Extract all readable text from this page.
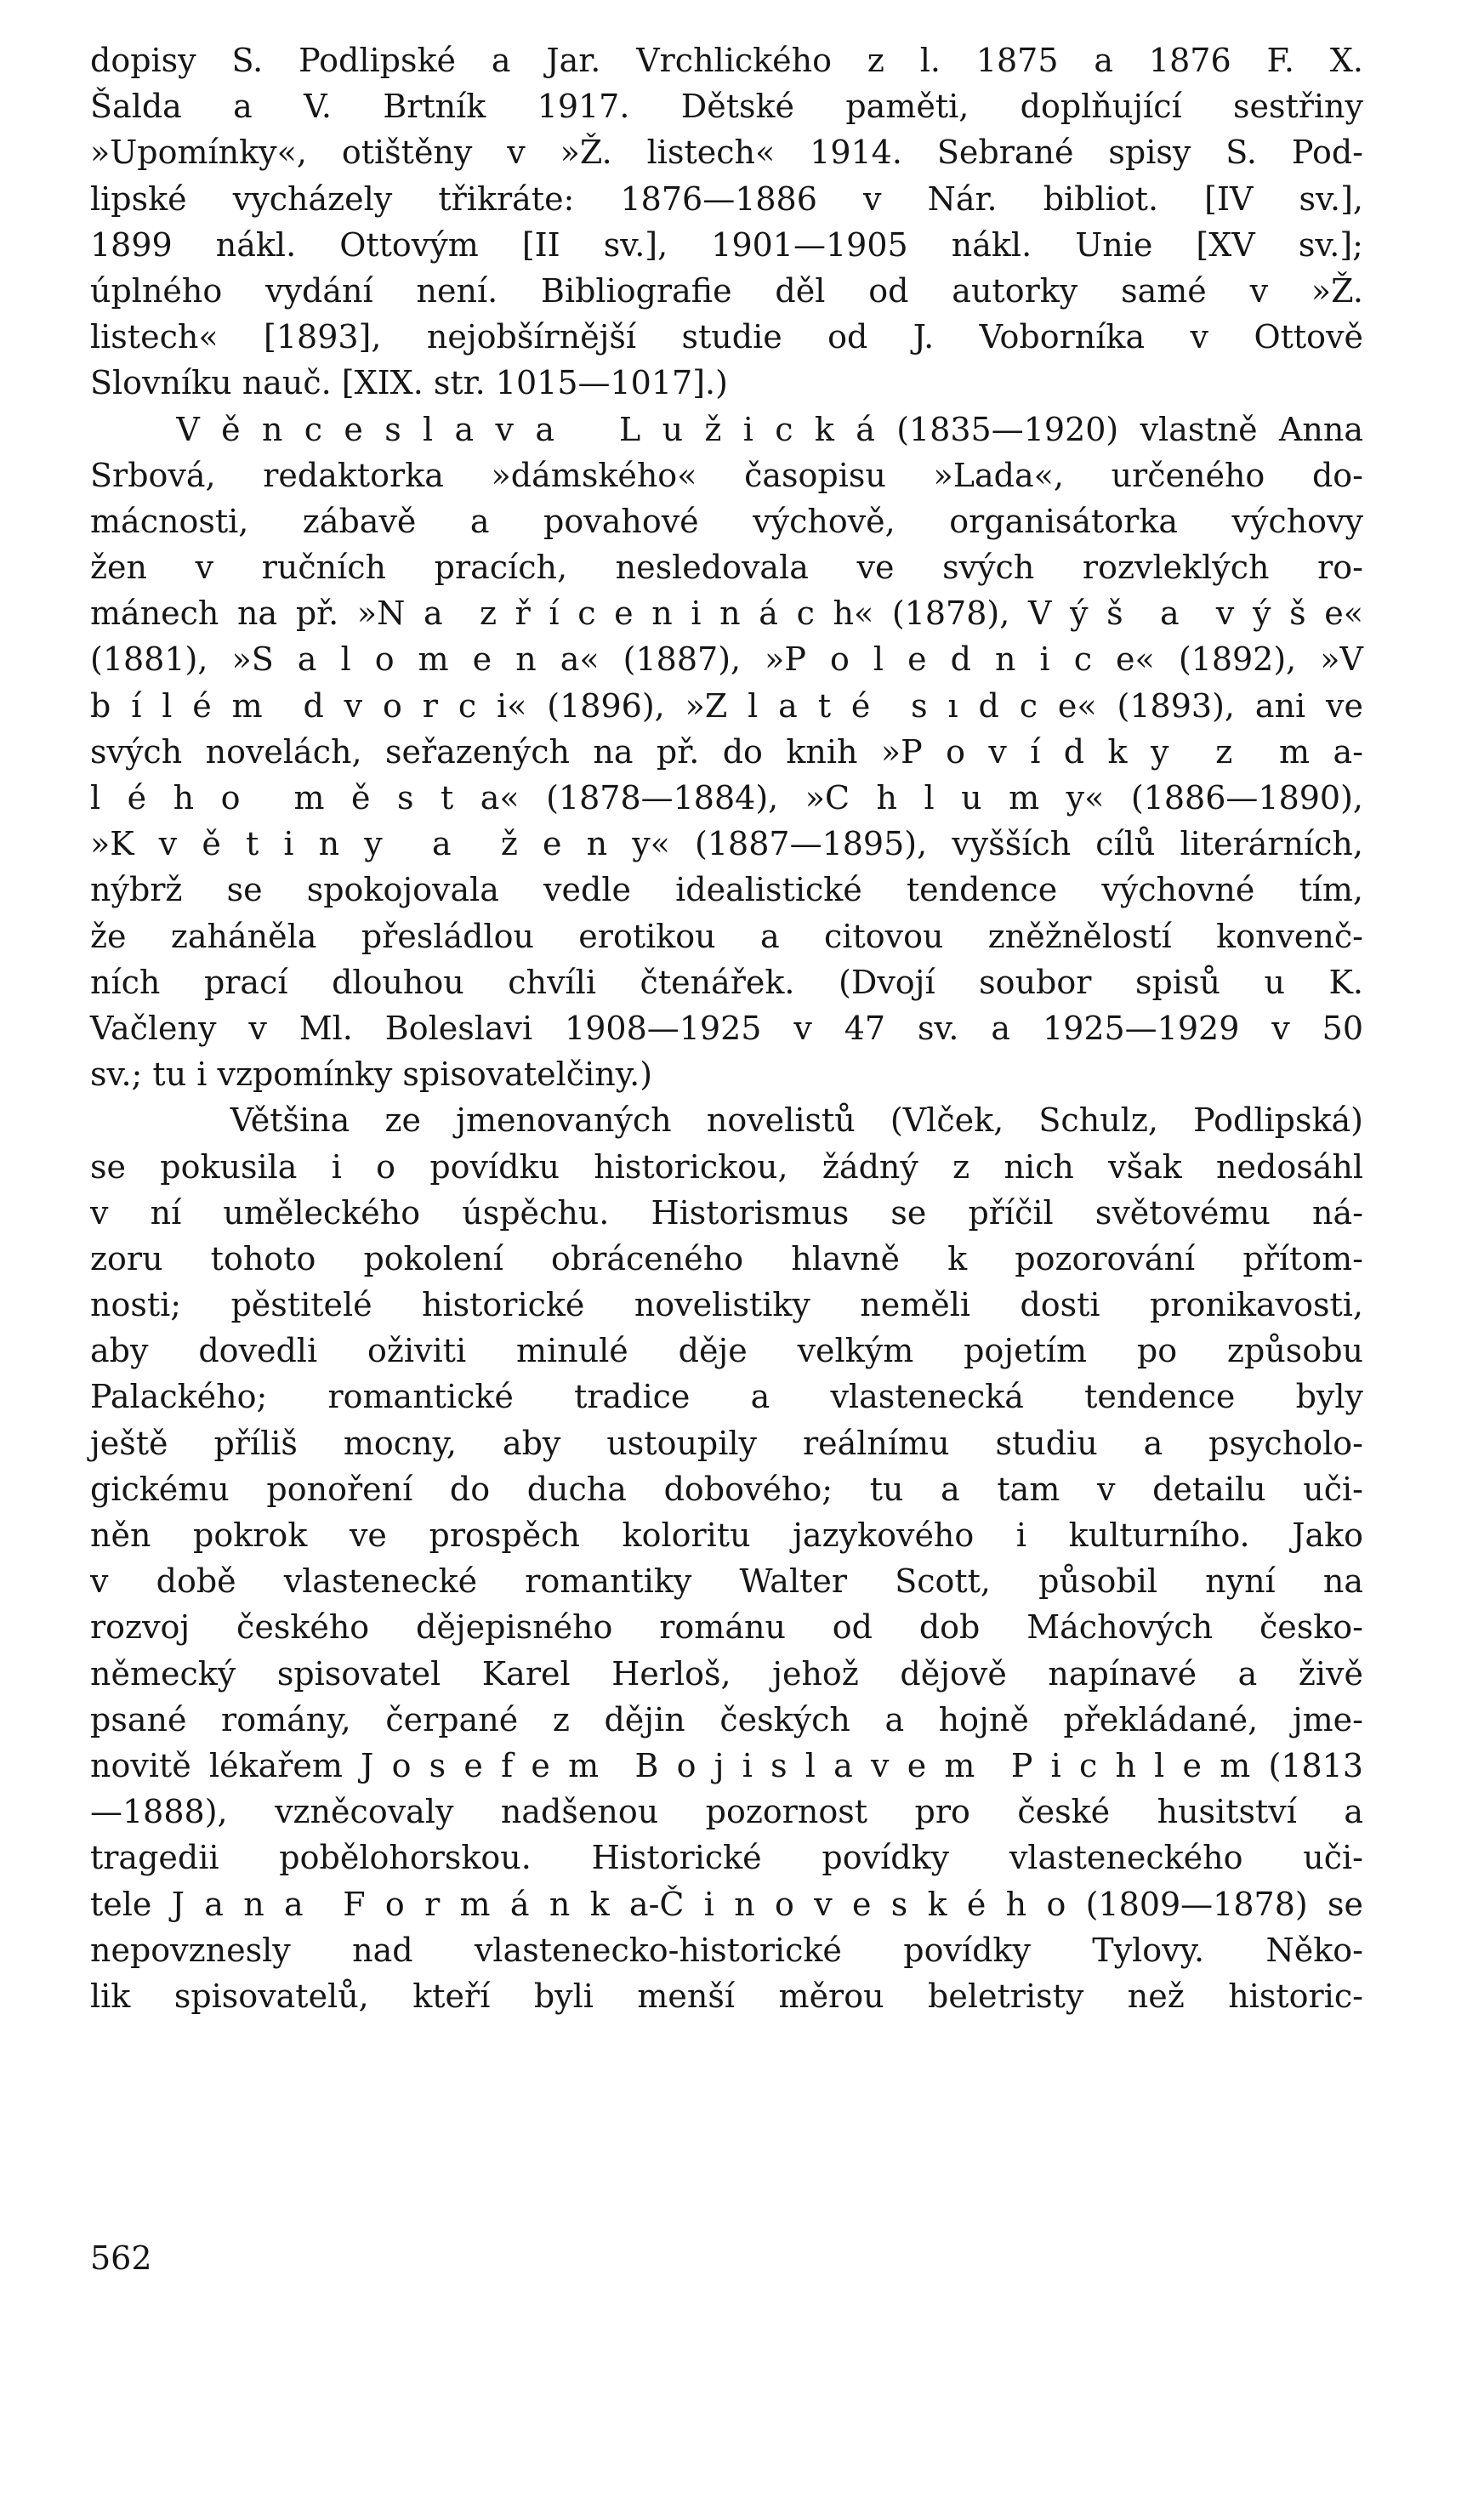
dopisy S. Podlipské a Jar. Vrchlického z l. 1875 a 1876 F. X.
Šalda a V. Brtník 1917. Dětské paměti, doplňující sestřiny
»Upomínky«, otištěny v »Ž. listech« 1914. Sebrané spisy S. Pod-
lipské vycházely třikráte: 1876—1886 v Nár. bibliot. [IV sv.],
1899 nákl. Ottovým [II sv.], 1901—1905 nákl. Unie [XV sv.];
úplného vydání není. Bibliografie děl od autorky samé v »Ž.
listech« [1893], nejobšírnější studie od J. Voborníka v Ottově
Slovníku nauč. [XIX. str. 1015—1017].)
V ě n c e s l a v a   L u ž i c k á (1835—1920) vlastně Anna
Srbová, redaktorka »dámského« časopisu »Lada«, určeného do-
mácnosti, zábavě a povahové výchově, organisátorka výchovy
žen v ručních pracích, nesledovala ve svých rozvleklých ro-
mánech na př. »N a  z ř í c e n i n á c h« (1878), V ý š  a  v ý š e«
(1881), »S a l o m e n a« (1887), »P o l e d n i c e« (1892), »V
b í l é m  d v o r c i« (1896), »Z l a t é  s ı d c e« (1893), ani ve
svých novelách, seřazených na př. do knih »P o v í d k y  z  m a-
l é h o  m ě s t a« (1878—1884), »C h l u m y« (1886—1890),
»K v ě t i n y  a  ž e n y« (1887—1895), vyšších cílů literárních,
nýbrž se spokojovala vedle idealistické tendence výchovné tím,
že zaháněla přesládlou erotikou a citovou zněžnělostí konvenč-
ních prací dlouhou chvíli čtenářek. (Dvojí soubor spisů u K.
Vačleny v Ml. Boleslavi 1908—1925 v 47 sv. a 1925—1929 v 50
sv.; tu i vzpomínky spisovatelčiny.)
Většina ze jmenovaných novelistů (Vlček, Schulz, Podlipská)
se pokusila i o povídku historickou, žádný z nich však nedosáhl
v ní uměleckého úspěchu. Historismus se příčil světovému ná-
zoru tohoto pokolení obráceného hlavně k pozorování přítom-
nosti; pěstitelé historické novelistiky neměli dosti pronikavosti,
aby dovedli oživiti minulé děje velkým pojetím po způsobu
Palackého; romantické tradice a vlastenecká tendence byly
ještě příliš mocny, aby ustoupily reálnímu studiu a psycholo-
gickému ponoření do ducha dobového; tu a tam v detailu uči-
něn pokrok ve prospěch koloritu jazykového i kulturního. Jako
v době vlastenecké romantiky Walter Scott, působil nyní na
rozvoj českého dějepisného románu od dob Máchových česko-
německý spisovatel Karel Herloš, jehož dějově napínavé a živě
psané romány, čerpané z dějin českých a hojně překládané, jme-
novitě lékařem J o s e f e m  B o j i s l a v e m  P i c h l e m (1813
—1888), vzněcovaly nadšenou pozornost pro české husitství a
tragedii pobělohorskou. Historické povídky vlasteneckého uči-
tele J a n a  F o r m á n k a-Č i n o v e s k é h o (1809—1878) se
nepovznesly nad vlastenecko-historické povídky Tylovy. Něko-
lik spisovatelů, kteří byli menší měrou beletristy než historic-
562
